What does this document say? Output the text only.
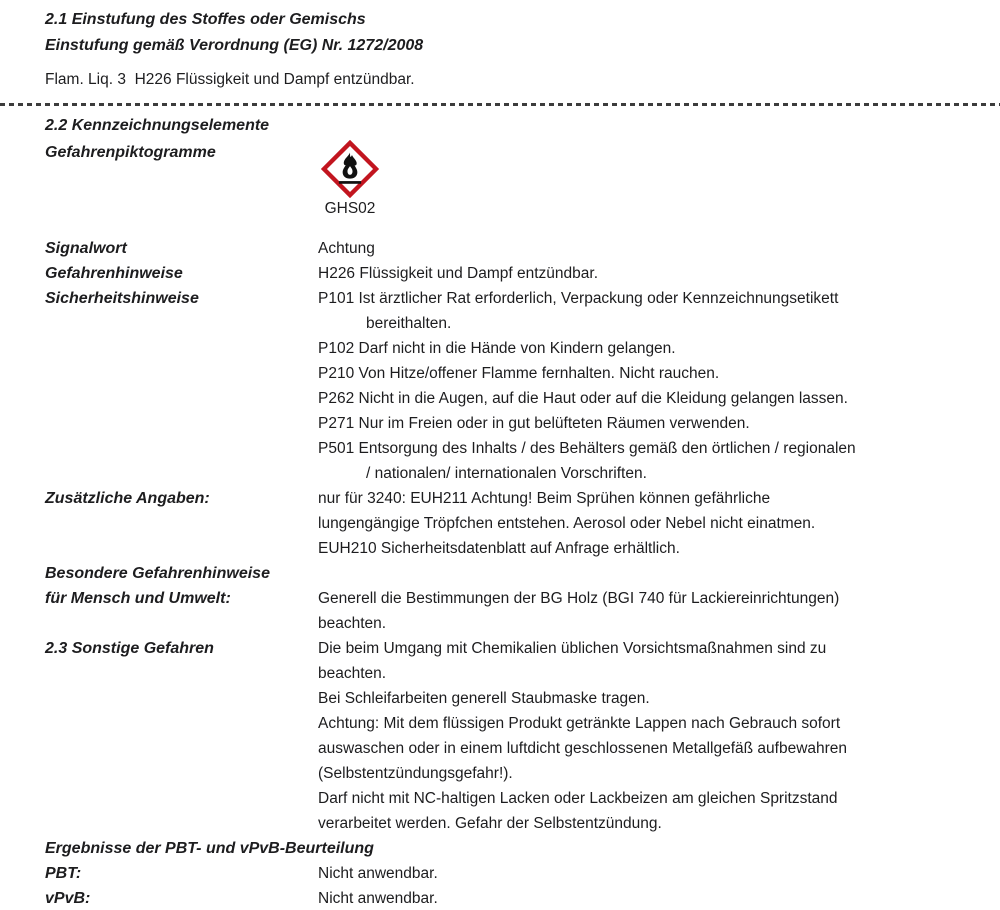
2.1 Einstufung des Stoffes oder Gemischs
Einstufung gemäß Verordnung (EG) Nr. 1272/2008
Flam. Liq. 3  H226 Flüssigkeit und Dampf entzündbar.
2.2 Kennzeichnungselemente
Gefahrenpiktogramme
GHS02
Signalwort	Achtung
Gefahrenhinweise	H226 Flüssigkeit und Dampf entzündbar.
Sicherheitshinweise	P101 Ist ärztlicher Rat erforderlich, Verpackung oder Kennzeichnungsetikett
bereithalten.
P102 Darf nicht in die Hände von Kindern gelangen.
P210 Von Hitze/offener Flamme fernhalten. Nicht rauchen.
P262 Nicht in die Augen, auf die Haut oder auf die Kleidung gelangen lassen.
P271 Nur im Freien oder in gut belüfteten Räumen verwenden.
P501 Entsorgung des Inhalts / des Behälters gemäß den örtlichen / regionalen
/ nationalen/ internationalen Vorschriften.
Zusätzliche Angaben:	nur für 3240: EUH211 Achtung! Beim Sprühen können gefährliche
lungengängige Tröpfchen entstehen. Aerosol oder Nebel nicht einatmen.
EUH210 Sicherheitsdatenblatt auf Anfrage erhältlich.
Besondere Gefahrenhinweise
für Mensch und Umwelt:	Generell die Bestimmungen der BG Holz (BGI 740 für Lackiereinrichtungen)
beachten.
2.3 Sonstige Gefahren	Die beim Umgang mit Chemikalien üblichen Vorsichtsmaßnahmen sind zu
beachten.
Bei Schleifarbeiten generell Staubmaske tragen.
Achtung: Mit dem flüssigen Produkt getränkte Lappen nach Gebrauch sofort
auswaschen oder in einem luftdicht geschlossenen Metallgefäß aufbewahren
(Selbstentzündungsgefahr!).
Darf nicht mit NC-haltigen Lacken oder Lackbeizen am gleichen Spritzstand
verarbeitet werden. Gefahr der Selbstentzündung.
Ergebnisse der PBT- und vPvB-Beurteilung
PBT:	Nicht anwendbar.
vPvB:	Nicht anwendbar.
